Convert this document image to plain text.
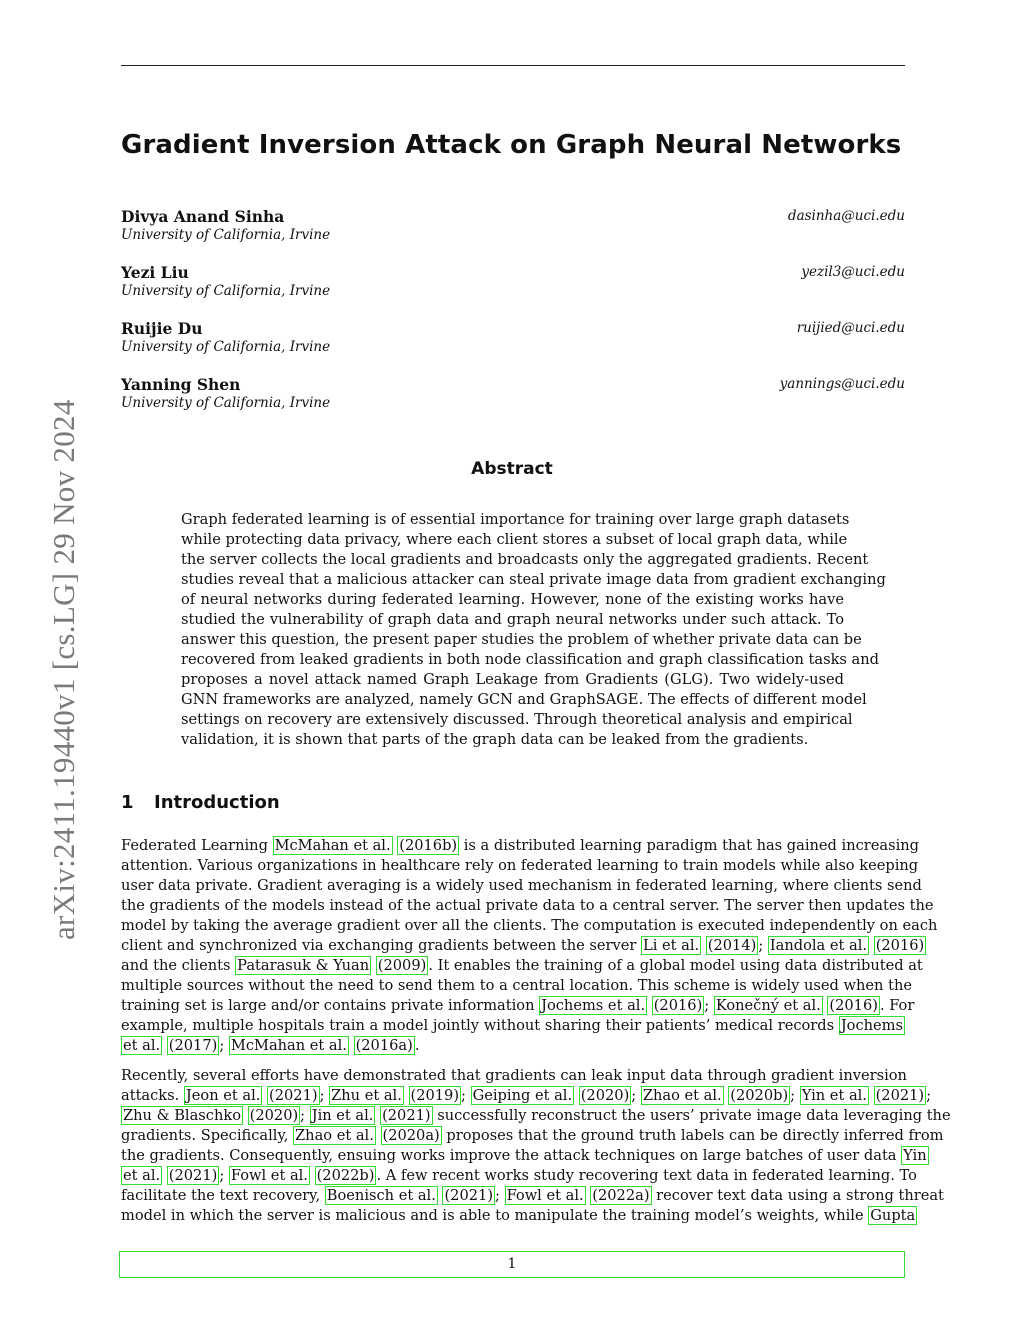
arXiv:2411.19440v1 [cs.LG] 29 Nov 2024
Gradient Inversion Attack on Graph Neural Networks
Divya Anand Sinha	dasinha@uci.edu
University of California, Irvine
Yezi Liu	yezil3@uci.edu
University of California, Irvine
Ruijie Du	ruijied@uci.edu
University of California, Irvine
Yanning Shen	yannings@uci.edu
University of California, Irvine
Abstract
Graph federated learning is of essential importance for training over large graph datasets
while protecting data privacy, where each client stores a subset of local graph data, while
the server collects the local gradients and broadcasts only the aggregated gradients. Recent
studies reveal that a malicious attacker can steal private image data from gradient exchanging
of neural networks during federated learning. However, none of the existing works have
studied the vulnerability of graph data and graph neural networks under such attack. To
answer this question, the present paper studies the problem of whether private data can be
recovered from leaked gradients in both node classification and graph classification tasks and
proposes a novel attack named Graph Leakage from Gradients (GLG). Two widely-used
GNN frameworks are analyzed, namely GCN and GraphSAGE. The effects of different model
settings on recovery are extensively discussed. Through theoretical analysis and empirical
validation, it is shown that parts of the graph data can be leaked from the gradients.
1 Introduction
Federated Learning McMahan et al. (2016b) is a distributed learning paradigm that has gained increasing
attention. Various organizations in healthcare rely on federated learning to train models while also keeping
user data private. Gradient averaging is a widely used mechanism in federated learning, where clients send
the gradients of the models instead of the actual private data to a central server. The server then updates the
model by taking the average gradient over all the clients. The computation is executed independently on each
client and synchronized via exchanging gradients between the server Li et al. (2014) ; Iandola et al. (2016)
and the clients Patarasuk & Yuan (2009) . It enables the training of a global model using data distributed at
multiple sources without the need to send them to a central location. This scheme is widely used when the
training set is large and/or contains private information Jochems et al. (2016) ; Konečný et al. (2016) . For
example, multiple hospitals train a model jointly without sharing their patients’ medical records Jochems
et al. (2017) ; McMahan et al. (2016a) .
Recently, several efforts have demonstrated that gradients can leak input data through gradient inversion
attacks. Jeon et al. (2021) ; Zhu et al. (2019) ; Geiping et al. (2020) ; Zhao et al. (2020b) ; Yin et al. (2021) ;
Zhu & Blaschko (2020) ; Jin et al. (2021) successfully reconstruct the users’ private image data leveraging the
gradients. Specifically, Zhao et al. (2020a) proposes that the ground truth labels can be directly inferred from
the gradients. Consequently, ensuing works improve the attack techniques on large batches of user data Yin
et al. (2021) ; Fowl et al. (2022b) . A few recent works study recovering text data in federated learning. To
facilitate the text recovery, Boenisch et al. (2021) ; Fowl et al. (2022a) recover text data using a strong threat
model in which the server is malicious and is able to manipulate the training model’s weights, while Gupta
1
